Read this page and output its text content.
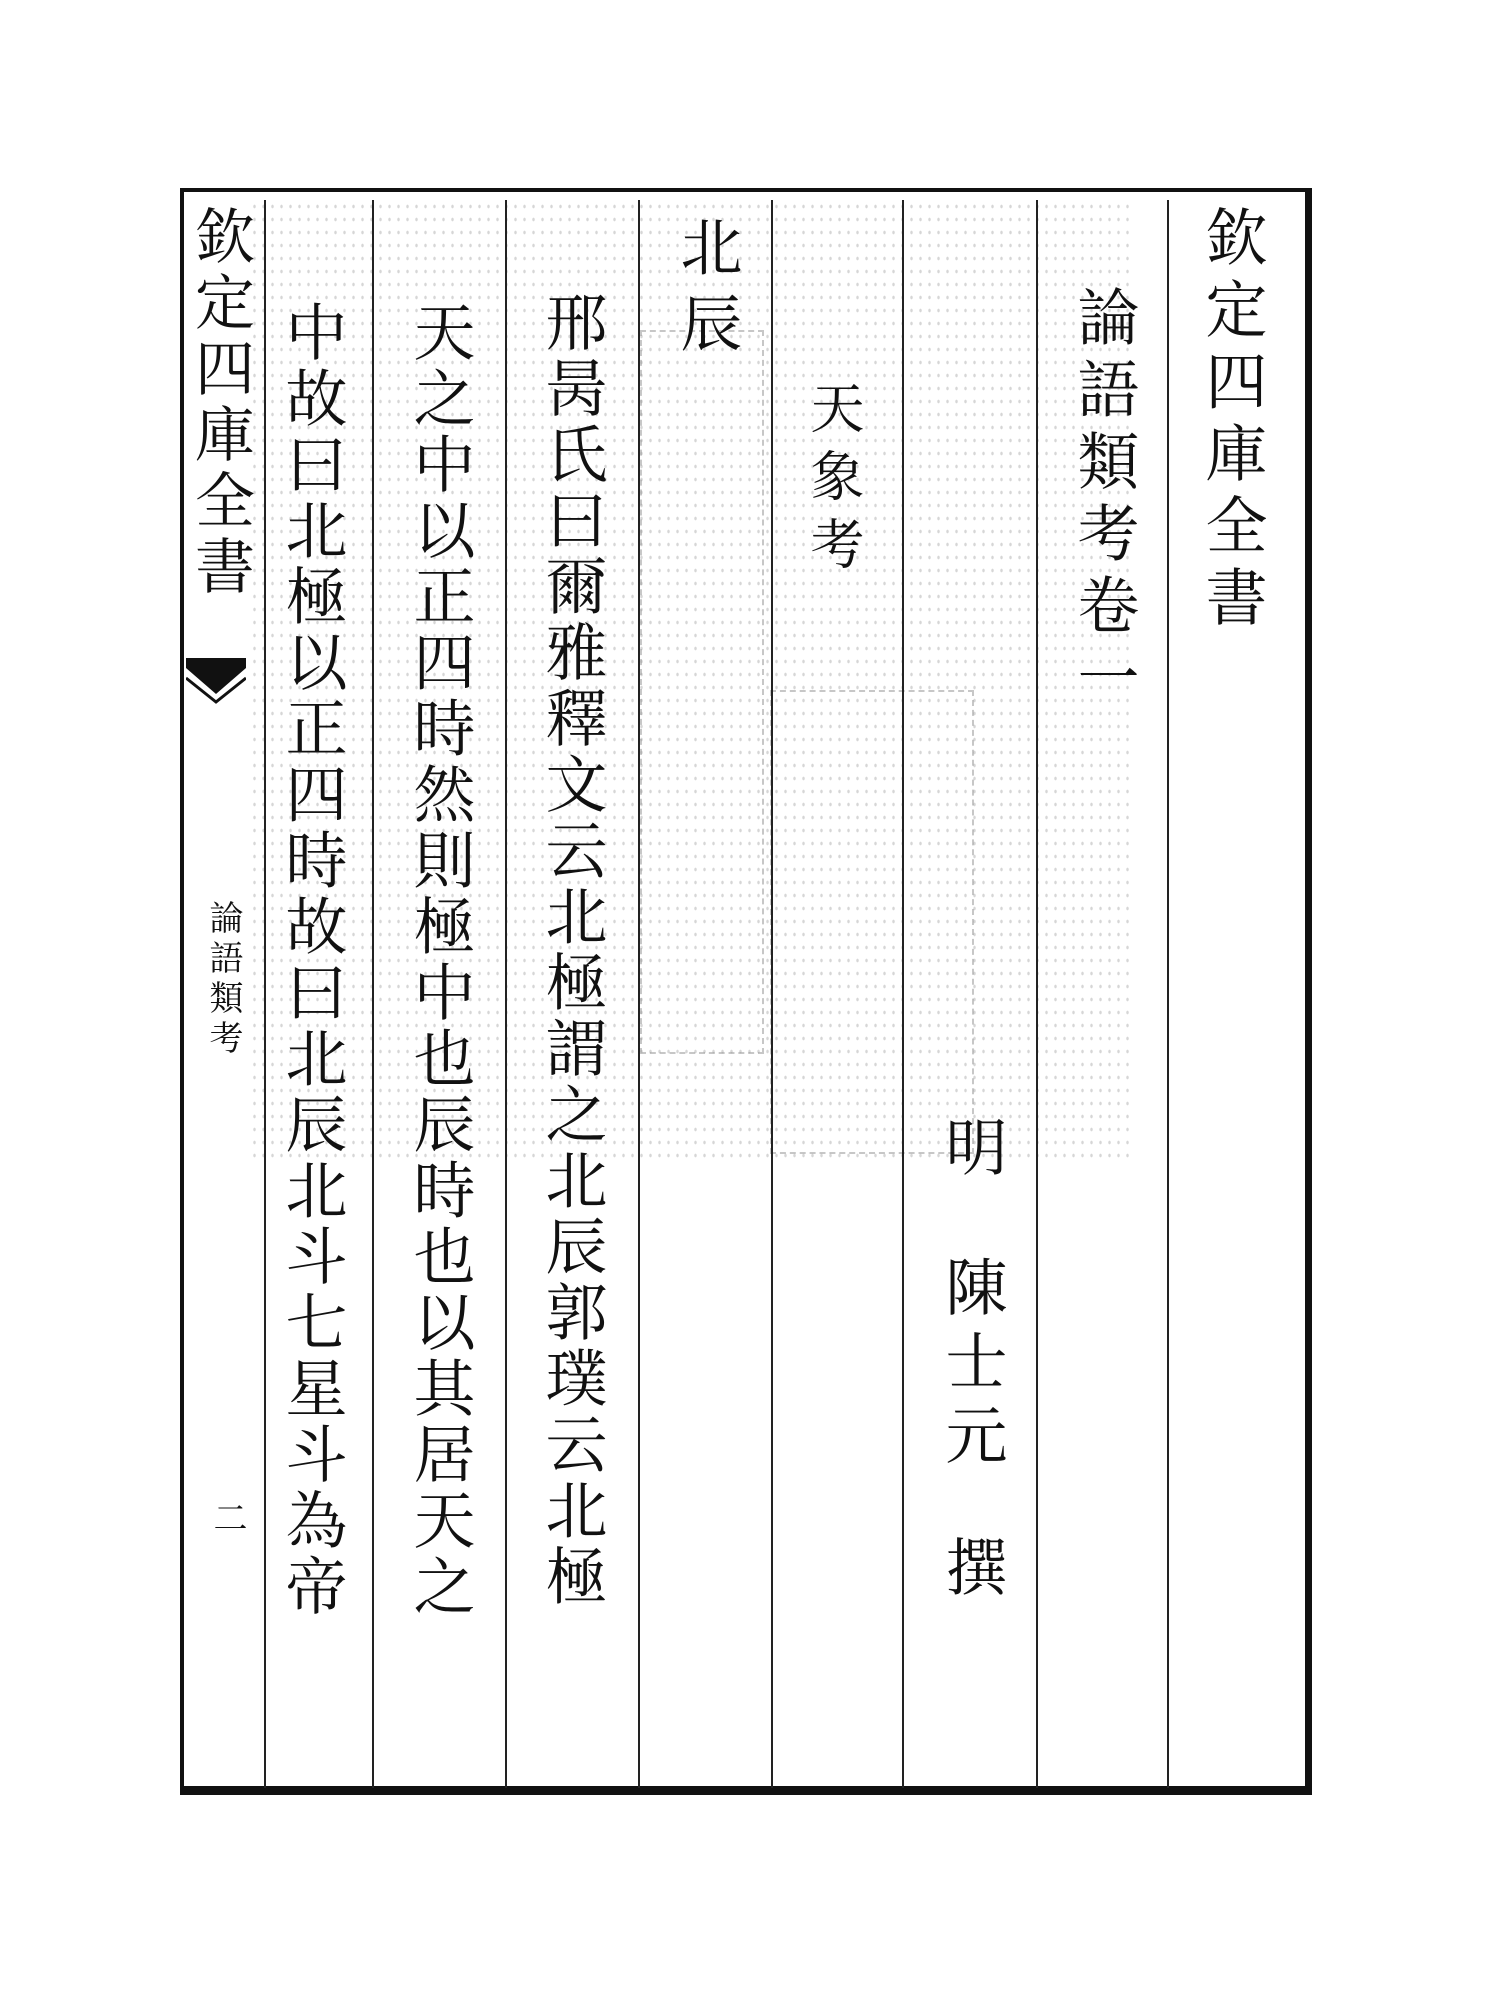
欽定四庫全書
論語類考
二 中故曰北極以正四時故曰北辰北斗七星斗為帝 天之中以正四時然則極中也辰時也以其居天之 邢昺氏曰爾雅釋文云北極謂之北辰郭璞云北極 北辰
天象考
明
陳士元
撰
論語類考卷一 欽定四庫全書
